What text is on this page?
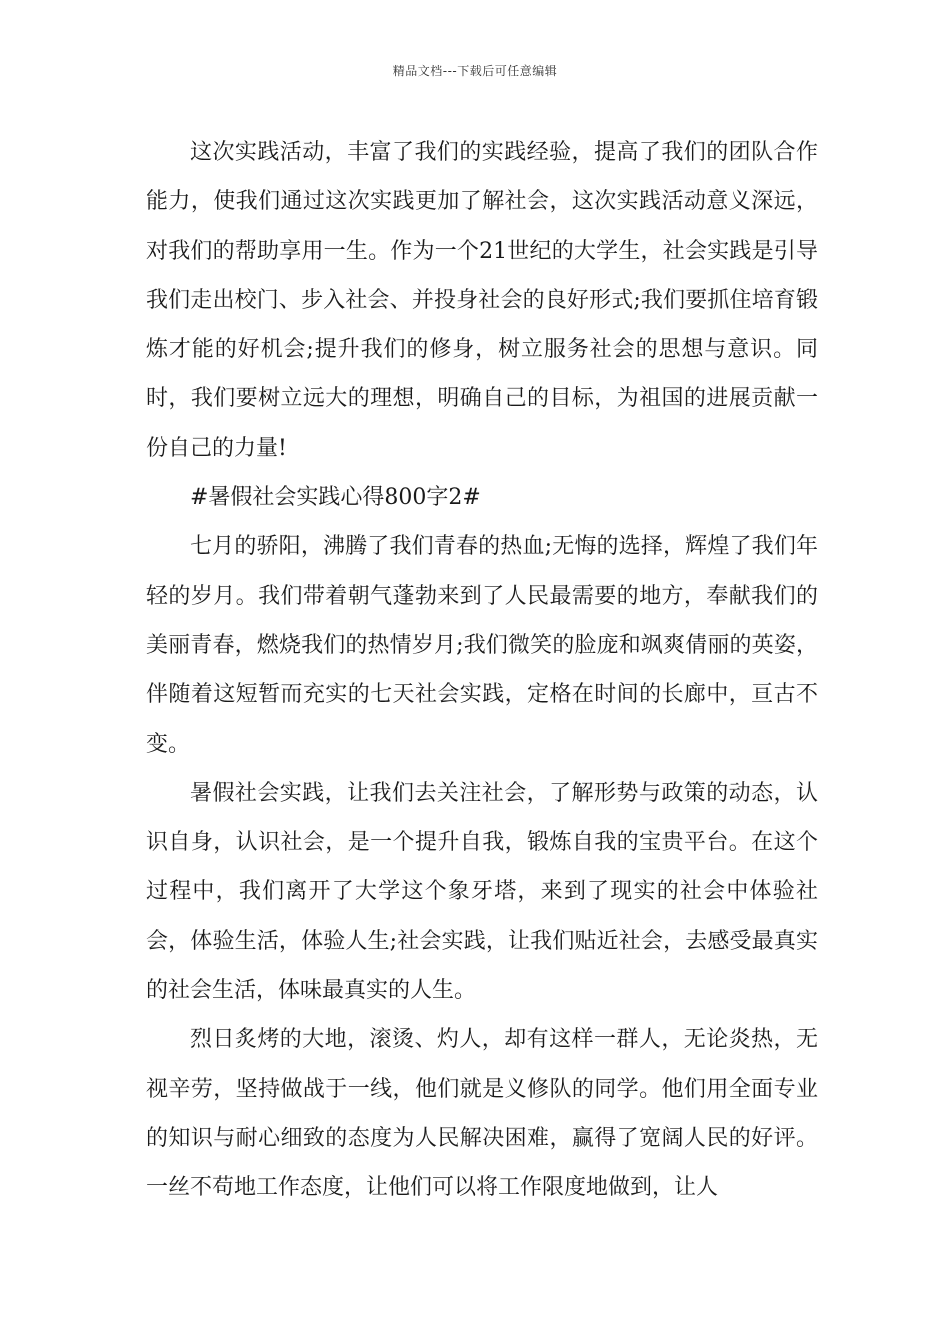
精品文档---下载后可任意编辑

这次实践活动，丰富了我们的实践经验，提高了我们的团队合作能力，使我们通过这次实践更加了解社会，这次实践活动意义深远，对我们的帮助享用一生。作为一个21世纪的大学生，社会实践是引导我们走出校门、步入社会、并投身社会的良好形式;我们要抓住培育锻炼才能的好机会;提升我们的修身，树立服务社会的思想与意识。同时，我们要树立远大的理想，明确自己的目标，为祖国的进展贡献一份自己的力量!

#暑假社会实践心得800字2#

七月的骄阳，沸腾了我们青春的热血;无悔的选择，辉煌了我们年轻的岁月。我们带着朝气蓬勃来到了人民最需要的地方，奉献我们的美丽青春，燃烧我们的热情岁月;我们微笑的脸庞和飒爽倩丽的英姿，伴随着这短暂而充实的七天社会实践，定格在时间的长廊中，亘古不变。

暑假社会实践，让我们去关注社会，了解形势与政策的动态，认识自身，认识社会，是一个提升自我，锻炼自我的宝贵平台。在这个过程中，我们离开了大学这个象牙塔，来到了现实的社会中体验社会，体验生活，体验人生;社会实践，让我们贴近社会，去感受最真实的社会生活，体味最真实的人生。

烈日炙烤的大地，滚烫、灼人，却有这样一群人，无论炎热，无视辛劳，坚持做战于一线，他们就是义修队的同学。他们用全面专业的知识与耐心细致的态度为人民解决困难，赢得了宽阔人民的好评。一丝不苟地工作态度，让他们可以将工作限度地做到，让人
